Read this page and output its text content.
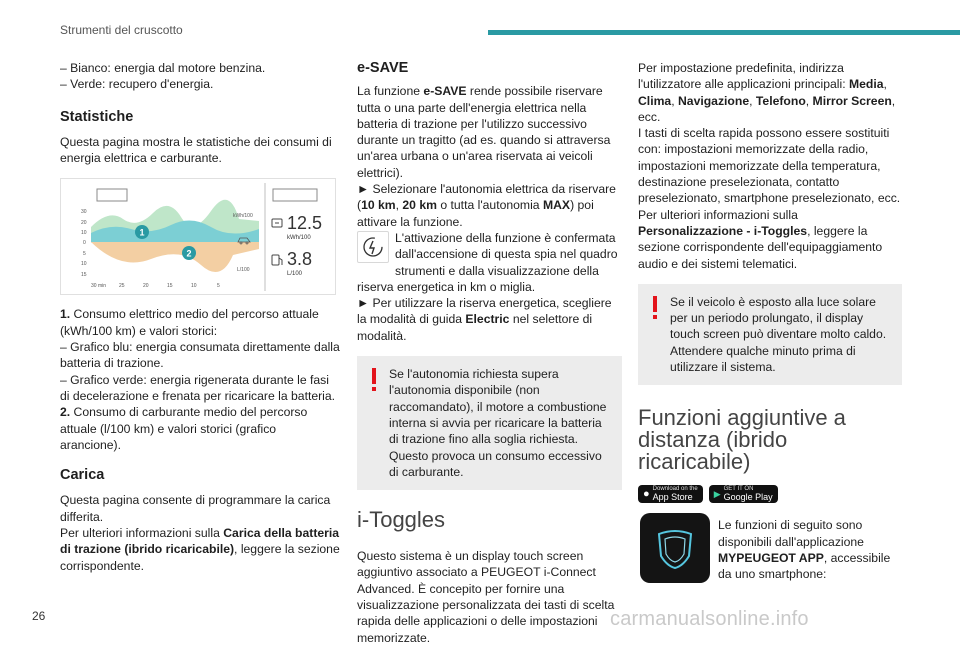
Strumenti del cruscotto

– Bianco: energia dal motore benzina.

– Verde: recupero d'energia.

Statistiche

Questa pagina mostra le statistiche dei consumi di energia elettrica e carburante.

30
20
10
0
5
10
15
30 min	25	20	15	10	5
kWh/100
L/100
1
2
12.5
kWh/100
3.8
L/100

1. Consumo elettrico medio del percorso attuale (kWh/100 km) e valori storici:

– Grafico blu: energia consumata direttamente dalla batteria di trazione.

– Grafico verde: energia rigenerata durante le fasi di decelerazione e frenata per ricaricare la batteria.

2. Consumo di carburante medio del percorso attuale (l/100 km) e valori storici (grafico arancione).

Carica

Questa pagina consente di programmare la carica differita.

Per ulteriori informazioni sulla Carica della batteria di trazione (ibrido ricaricabile), leggere la sezione corrispondente.

e-SAVE

La funzione e-SAVE rende possibile riservare tutta o una parte dell'energia elettrica nella batteria di trazione per l'utilizzo successivo durante un tragitto (ad es. quando si attraversa un'area urbana o un'area riservata ai veicoli elettrici).

► Selezionare l'autonomia elettrica da riservare (10 km, 20 km o tutta l'autonomia MAX) poi attivare la funzione.

L'attivazione della funzione è confermata dall'accensione di questa spia nel quadro strumenti e dalla visualizzazione della riserva energetica in km o miglia.

► Per utilizzare la riserva energetica, scegliere la modalità di guida Electric nel selettore di modalità.

Se l'autonomia richiesta supera l'autonomia disponibile (non raccomandato), il motore a combustione interna si avvia per ricaricare la batteria di trazione fino alla soglia richiesta. Questo provoca un consumo eccessivo di carburante.

i-Toggles

Questo sistema è un display touch screen aggiuntivo associato a PEUGEOT i-Connect Advanced. È concepito per fornire una visualizzazione personalizzata dei tasti di scelta rapida delle applicazioni o delle impostazioni memorizzate.

Per impostazione predefinita, indirizza l'utilizzatore alle applicazioni principali: Media, Clima, Navigazione, Telefono, Mirror Screen, ecc.

I tasti di scelta rapida possono essere sostituiti con: impostazioni memorizzate della radio, impostazioni memorizzate della temperatura, destinazione preselezionata, contatto preselezionato, smartphone preselezionato, ecc.

Per ulteriori informazioni sulla Personalizzazione - i-Toggles, leggere la sezione corrispondente dell'equipaggiamento audio e dei sistemi telematici.

Se il veicolo è esposto alla luce solare per un periodo prolungato, il display touch screen può diventare molto caldo. Attendere qualche minuto prima di utilizzare il sistema.

Funzioni aggiuntive a distanza (ibrido ricaricabile)
● Download on the
App Store	▶ GET IT ON
Google Play

Le funzioni di seguito sono disponibili dall'applicazione MYPEUGEOT APP, accessibile da uno smartphone:

26	carmanualsonline.info
